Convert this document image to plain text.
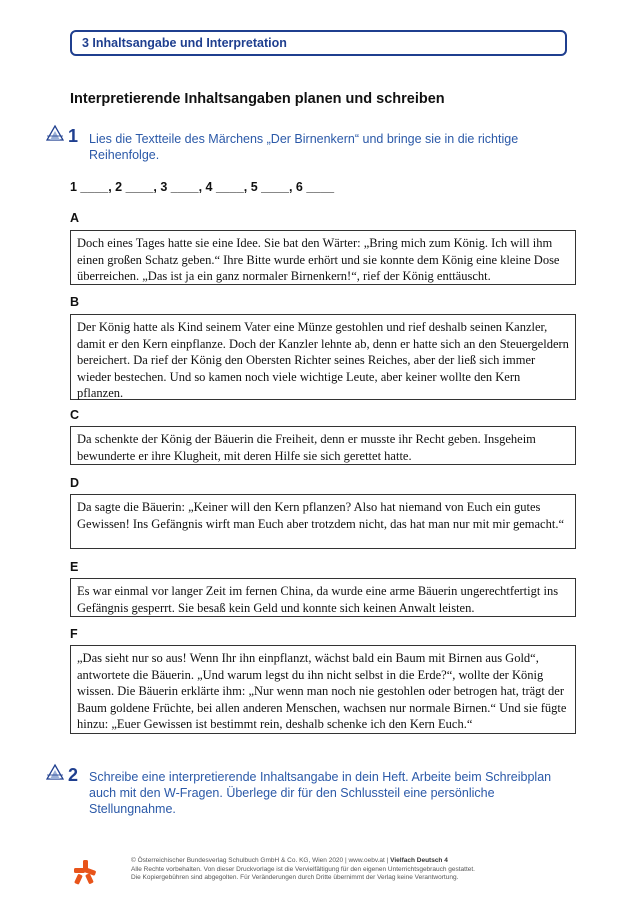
3 Inhaltsangabe und Interpretation
Interpretierende Inhaltsangaben planen und schreiben
1 Lies die Textteile des Märchens „Der Birnenkern“ und bringe sie in die richtige Reihenfolge.
1 ____, 2 ____, 3 ____, 4 ____, 5 ____, 6 ____
A
Doch eines Tages hatte sie eine Idee. Sie bat den Wärter: „Bring mich zum König. Ich will ihm einen großen Schatz geben.“ Ihre Bitte wurde erhört und sie konnte dem König eine kleine Dose überreichen. „Das ist ja ein ganz normaler Birnenkern!“, rief der König enttäuscht.
B
Der König hatte als Kind seinem Vater eine Münze gestohlen und rief deshalb seinen Kanzler, damit er den Kern einpflanze. Doch der Kanzler lehnte ab, denn er hatte sich an den Steuergeldern bereichert. Da rief der König den Obersten Richter seines Reiches, aber der ließ sich immer wieder bestechen. Und so kamen noch viele wichtige Leute, aber keiner wollte den Kern pflanzen.
C
Da schenkte der König der Bäuerin die Freiheit, denn er musste ihr Recht geben. Insgeheim bewunderte er ihre Klugheit, mit deren Hilfe sie sich gerettet hatte.
D
Da sagte die Bäuerin: „Keiner will den Kern pflanzen? Also hat niemand von Euch ein gutes Gewissen! Ins Gefängnis wirft man Euch aber trotzdem nicht, das hat man nur mit mir gemacht.“
E
Es war einmal vor langer Zeit im fernen China, da wurde eine arme Bäuerin ungerechtfertigt ins Gefängnis gesperrt. Sie besaß kein Geld und konnte sich keinen Anwalt leisten.
F
„Das sieht nur so aus! Wenn Ihr ihn einpflanzt, wächst bald ein Baum mit Birnen aus Gold“, antwortete die Bäuerin. „Und warum legst du ihn nicht selbst in die Erde?“, wollte der König wissen. Die Bäuerin erklärte ihm: „Nur wenn man noch nie gestohlen oder betrogen hat, trägt der Baum goldene Früchte, bei allen anderen Menschen, wachsen nur normale Birnen.“ Und sie fügte hinzu: „Euer Gewissen ist bestimmt rein, deshalb schenke ich den Kern Euch.“
2 Schreibe eine interpretierende Inhaltsangabe in dein Heft. Arbeite beim Schreibplan auch mit den W-Fragen. Überlege dir für den Schlussteil eine persönliche Stellungnahme.
© Österreichischer Bundesverlag Schulbuch GmbH & Co. KG, Wien 2020 | www.oebv.at | Vielfach Deutsch 4
Alle Rechte vorbehalten. Von dieser Druckvorlage ist die Vervielfältigung für den eigenen Unterrichtsgebrauch gestattet.
Die Kopiergebühren sind abgegolten. Für Veränderungen durch Dritte übernimmt der Verlag keine Verantwortung.
